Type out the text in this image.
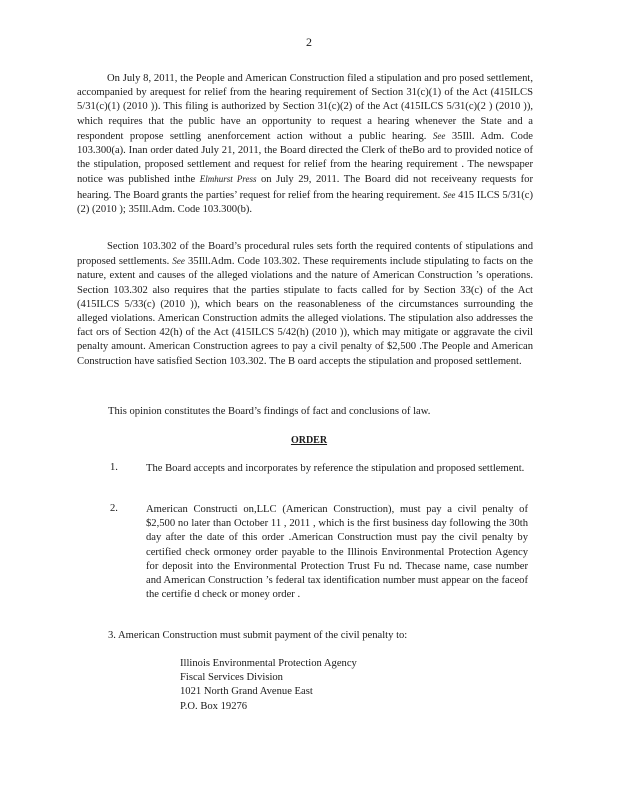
2

On July 8, 2011, the People and American Construction filed a stipulation and pro posed settlement, accompanied by arequest for relief from the hearing requirement of Section 31(c)(1) of the Act (415ILCS 5/31(c)(1) (2010 )). This filing is authorized by Section 31(c)(2) of the Act (415ILCS 5/31(c)(2 ) (2010 )), which requires that the public have an opportunity to request a hearing whenever the State and a respondent propose settling anenforcement action without a public hearing. See 35Ill. Adm. Code 103.300(a). Inan order dated July 21, 2011, the Board directed the Clerk of theBo ard to provided notice of the stipulation, proposed settlement and request for relief from the hearing requirement . The newspaper notice was published inthe Elmhurst Press on July 29, 2011. The Board did not receiveany requests for hearing. The Board grants the parties’ request for relief from the hearing requirement. See 415 ILCS 5/31(c)(2) (2010 ); 35Ill.Adm. Code 103.300(b).

Section 103.302 of the Board’s procedural rules sets forth the required contents of stipulations and proposed settlements. See 35Ill.Adm. Code 103.302. These requirements include stipulating to facts on the nature, extent and causes of the alleged violations and the nature of American Construction ’s operations. Section 103.302 also requires that the parties stipulate to facts called for by Section 33(c) of the Act (415ILCS 5/33(c) (2010 )), which bears on the reasonableness of the circumstances surrounding the alleged violations. American Construction admits the alleged violations. The stipulation also addresses the fact ors of Section 42(h) of the Act (415ILCS 5/42(h) (2010 )), which may mitigate or aggravate the civil penalty amount. American Construction agrees to pay a civil penalty of $2,500 .The People and American Construction have satisfied Section 103.302. The B oard accepts the stipulation and proposed settlement.

This opinion constitutes the Board’s findings of fact and conclusions of law.

ORDER
1.	The Board accepts and incorporates by reference the stipulation and proposed settlement.

2.	American Constructi on,LLC (American Construction), must pay a civil penalty of $2,500 no later than October 11 , 2011 , which is the first business day following the 30th day after the date of this order .American Construction must pay the civil penalty by certified check ormoney order payable to the Illinois Environmental Protection Agency for deposit into the Environmental Protection Trust Fu nd. Thecase name, case number and American Construction ’s federal tax identification number must appear on the faceof the certifie d check or money order .

3. American Construction must submit payment of the civil penalty to:
Illinois Environmental Protection Agency
Fiscal Services Division
1021 North Grand Avenue East
P.O. Box 19276
